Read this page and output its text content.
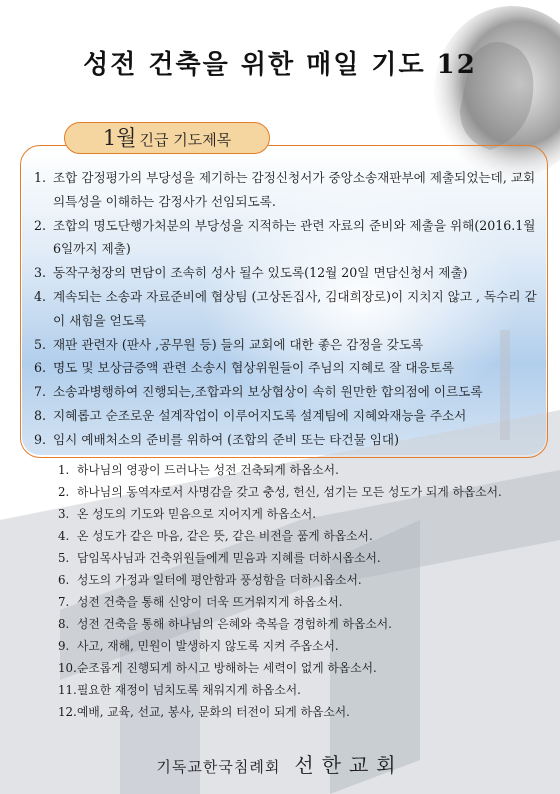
성전 건축을 위한 매일 기도 12
1월 긴급 기도제목
1. 조합 감정평가의 부당성을 제기하는 감정신청서가 중앙소송재판부에 제출되었는데, 교회의특성을 이해하는 감정사가 선임되도록.
2. 조합의 명도단행가처분의 부당성을 지적하는 관련 자료의 준비와 제출을 위해(2016.1월 6일까지 제출)
3. 동작구청장의 면담이 조속히 성사 될수 있도록(12월 20일 면담신청서 제출)
4. 계속되는 소송과 자료준비에 협상팀 (고상돈집사, 김대희장로)이 지치지 않고 , 독수리 같이 새힘을 얻도록
5. 재판 관련자 (판사 ,공무원 등) 들의 교회에 대한 좋은 감정을 갖도록
6. 명도 및 보상금증액 관련 소송시 협상위원들이 주님의 지혜로 잘 대응토록
7. 소송과병행하여 진행되는,조합과의 보상협상이 속히 원만한 합의점에 이르도록
8. 지혜롭고 순조로운 설계작업이 이루어지도록 설계팀에 지혜와재능을 주소서
9. 임시 예배처소의 준비를 위하여 (조합의 준비 또는 타건물 임대)
1. 하나님의 영광이 드러나는 성전 건축되게 하옵소서.
2. 하나님의 동역자로서 사명감을 갖고 충성, 헌신, 섬기는 모든 성도가 되게 하옵소서.
3. 온 성도의 기도와 믿음으로 지어지게 하옵소서.
4. 온 성도가 같은 마음, 같은 뜻, 같은 비전을 품게 하옵소서.
5. 담임목사님과 건축위원들에게 믿음과 지혜를 더하시옵소서.
6. 성도의 가정과 일터에 평안함과 풍성함을 더하시옵소서.
7. 성전 건축을 통해 신앙이 더욱 뜨거워지게 하옵소서.
8. 성전 건축을 통해 하나님의 은혜와 축복을 경험하게 하옵소서.
9. 사고, 재해, 민원이 발생하지 않도록 지켜 주옵소서.
10. 순조롭게 진행되게 하시고 방해하는 세력이 없게 하옵소서.
11. 필요한 재정이 넘치도록 채워지게 하옵소서.
12. 예배, 교육, 선교, 봉사, 문화의 터전이 되게 하옵소서.
기독교한국침례회 선한교회
